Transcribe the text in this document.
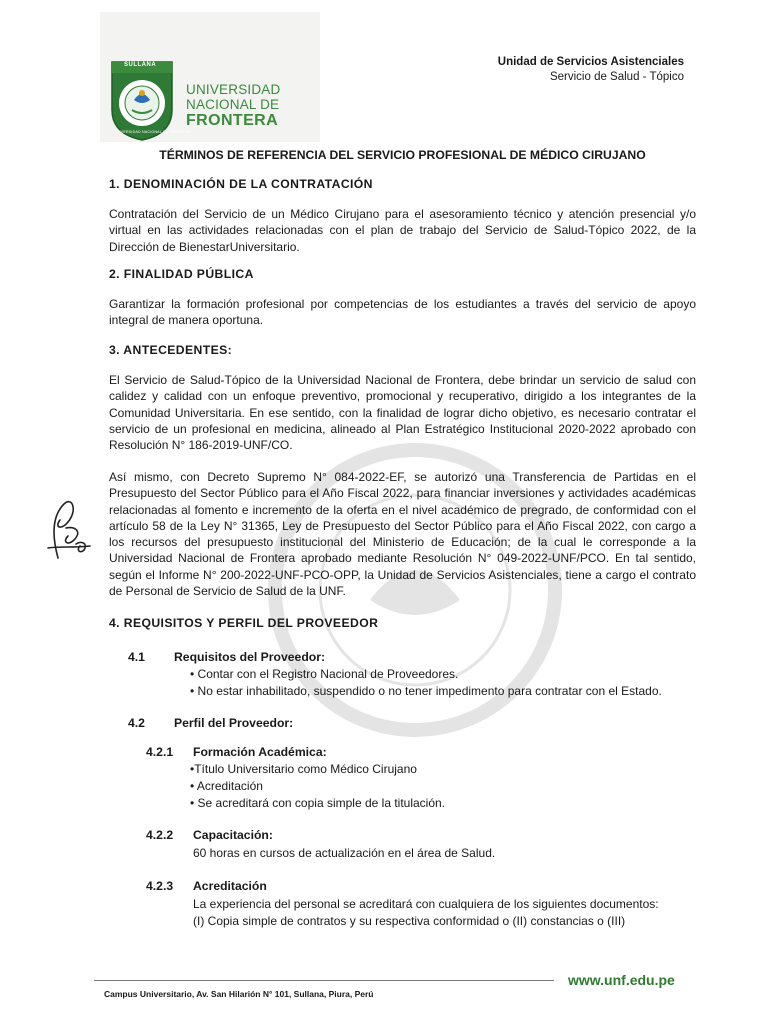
SULLANA
UNIVERSIDAD NACIONAL DE FRONTERA
UNIVERSIDAD
NACIONAL DE
FRONTERA
Unidad de Servicios Asistenciales
Servicio de Salud - Tópico
TÉRMINOS DE REFERENCIA DEL SERVICIO PROFESIONAL DE MÉDICO CIRUJANO
1. DENOMINACIÓN DE LA CONTRATACIÓN

Contratación del Servicio de un Médico Cirujano para el asesoramiento técnico y atención presencial y/o virtual en las actividades relacionadas con el plan de trabajo del Servicio de Salud-Tópico 2022, de la Dirección de BienestarUniversitario.

2. FINALIDAD PÚBLICA

Garantizar la formación profesional por competencias de los estudiantes a través del servicio de apoyo integral de manera oportuna.

3. ANTECEDENTES:

El Servicio de Salud-Tópico de la Universidad Nacional de Frontera, debe brindar un servicio de salud con calidez y calidad con un enfoque preventivo, promocional y recuperativo, dirigido a los integrantes de la Comunidad Universitaria. En ese sentido, con la finalidad de lograr dicho objetivo, es necesario contratar el servicio de un profesional en medicina, alineado al Plan Estratégico Institucional 2020-2022 aprobado con Resolución N° 186-2019-UNF/CO.

Así mismo, con Decreto Supremo N° 084-2022-EF, se autorizó una Transferencia de Partidas en el Presupuesto del Sector Público para el Año Fiscal 2022, para financiar inversiones y actividades académicas relacionadas al fomento e incremento de la oferta en el nivel académico de pregrado, de conformidad con el artículo 58 de la Ley N° 31365, Ley de Presupuesto del Sector Público para el Año Fiscal 2022, con cargo a los recursos del presupuesto institucional del Ministerio de Educación; de la cual le corresponde a la Universidad Nacional de Frontera aprobado mediante Resolución N° 049-2022-UNF/PCO. En tal sentido, según el Informe N° 200-2022-UNF-PCO-OPP, la Unidad de Servicios Asistenciales, tiene a cargo el contrato de Personal de Servicio de Salud de la UNF.

4. REQUISITOS Y PERFIL DEL PROVEEDOR
4.1 Requisitos del Proveedor:
• Contar con el Registro Nacional de Proveedores.
• No estar inhabilitado, suspendido o no tener impedimento para contratar con el Estado.
4.2 Perfil del Proveedor:
4.2.1 Formación Académica:
•Título Universitario como Médico Cirujano
• Acreditación
• Se acreditará con copia simple de la titulación.
4.2.2 Capacitación:
60 horas en cursos de actualización en el área de Salud.
4.2.3 Acreditación
La experiencia del personal se acreditará con cualquiera de los siguientes documentos:
(I) Copia simple de contratos y su respectiva conformidad o (II) constancias o (III)
www.unf.edu.pe
Campus Universitario, Av. San Hilarión N° 101, Sullana, Piura, Perú
